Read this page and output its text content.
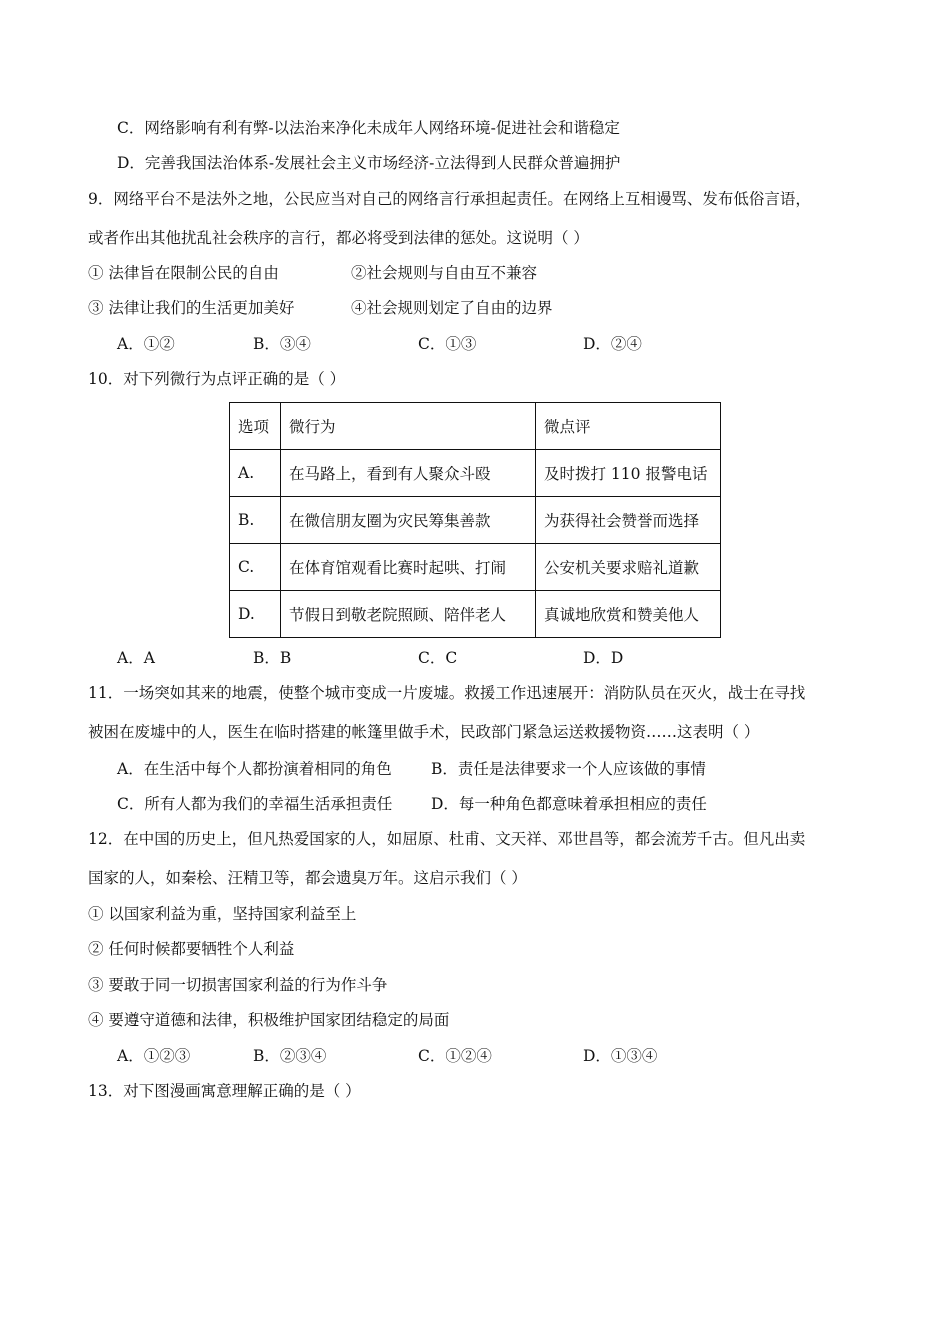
C．网络影响有利有弊-以法治来净化未成年人网络环境-促进社会和谐稳定
D．完善我国法治体系-发展社会主义市场经济-立法得到人民群众普遍拥护
9．网络平台不是法外之地，公民应当对自己的网络言行承担起责任。在网络上互相谩骂、发布低俗言语，
或者作出其他扰乱社会秩序的言行，都必将受到法律的惩处。这说明（ ）
① 法律旨在限制公民的自由	②社会规则与自由互不兼容
③ 法律让我们的生活更加美好	④社会规则划定了自由的边界
A．①②	B．③④	C．①③	D．②④
10．对下列微行为点评正确的是（ ）
选项	微行为	微点评
A.	在马路上，看到有人聚众斗殴	及时拨打 110 报警电话
B.	在微信朋友圈为灾民筹集善款	为获得社会赞誉而选择
C.	在体育馆观看比赛时起哄、打闹	公安机关要求赔礼道歉
D.	节假日到敬老院照顾、陪伴老人	真诚地欣赏和赞美他人
A．A	B．B	C．C	D．D
11．一场突如其来的地震，使整个城市变成一片废墟。救援工作迅速展开：消防队员在灭火，战士在寻找
被困在废墟中的人，医生在临时搭建的帐篷里做手术，民政部门紧急运送救援物资……这表明（ ）
A．在生活中每个人都扮演着相同的角色	B．责任是法律要求一个人应该做的事情
C．所有人都为我们的幸福生活承担责任 D．每一种角色都意味着承担相应的责任
12．在中国的历史上，但凡热爱国家的人，如屈原、杜甫、文天祥、邓世昌等，都会流芳千古。但凡出卖
国家的人，如秦桧、汪精卫等，都会遗臭万年。这启示我们（ ）
① 以国家利益为重，坚持国家利益至上
② 任何时候都要牺牲个人利益
③ 要敢于同一切损害国家利益的行为作斗争
④ 要遵守道德和法律，积极维护国家团结稳定的局面
A．①②③	B．②③④	C．①②④	D．①③④
13．对下图漫画寓意理解正确的是（ ）
